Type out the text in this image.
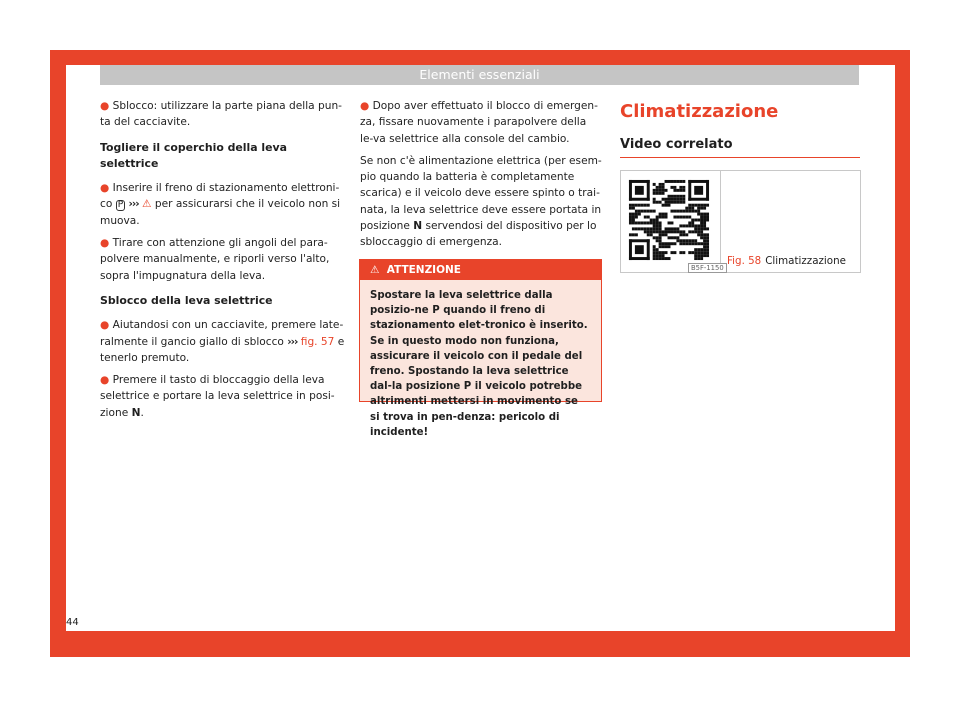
Elementi essenziali

● Sblocco: utilizzare la parte piana della pun-ta del cacciavite.

Togliere il coperchio della leva selettrice

● Inserire il freno di stazionamento elettroni-co P ››› ⚠ per assicurarsi che il veicolo non si muova.

● Tirare con attenzione gli angoli del para-polvere manualmente, e riporli verso l'alto, sopra l'impugnatura della leva.

Sblocco della leva selettrice

● Aiutandosi con un cacciavite, premere late-ralmente il gancio giallo di sblocco ››› fig. 57 e tenerlo premuto.

● Premere il tasto di bloccaggio della leva selettrice e portare la leva selettrice in posi-zione N.

● Dopo aver effettuato il blocco di emergen-za, fissare nuovamente i parapolvere della le-va selettrice alla console del cambio.

Se non c'è alimentazione elettrica (per esem-pio quando la batteria è completamente scarica) e il veicolo deve essere spinto o trai-nata, la leva selettrice deve essere portata in posizione N servendosi del dispositivo per lo sbloccaggio di emergenza.

⚠ ATTENZIONE
Spostare la leva selettrice dalla posizio-ne P quando il freno di stazionamento elet-tronico è inserito. Se in questo modo non funziona, assicurare il veicolo con il pedale del freno. Spostando la leva selettrice dal-la posizione P il veicolo potrebbe altrimenti mettersi in movimento se si trova in pen-denza: pericolo di incidente!
Climatizzazione
Video correlato
B5F-1150
Fig. 58 Climatizzazione
44
